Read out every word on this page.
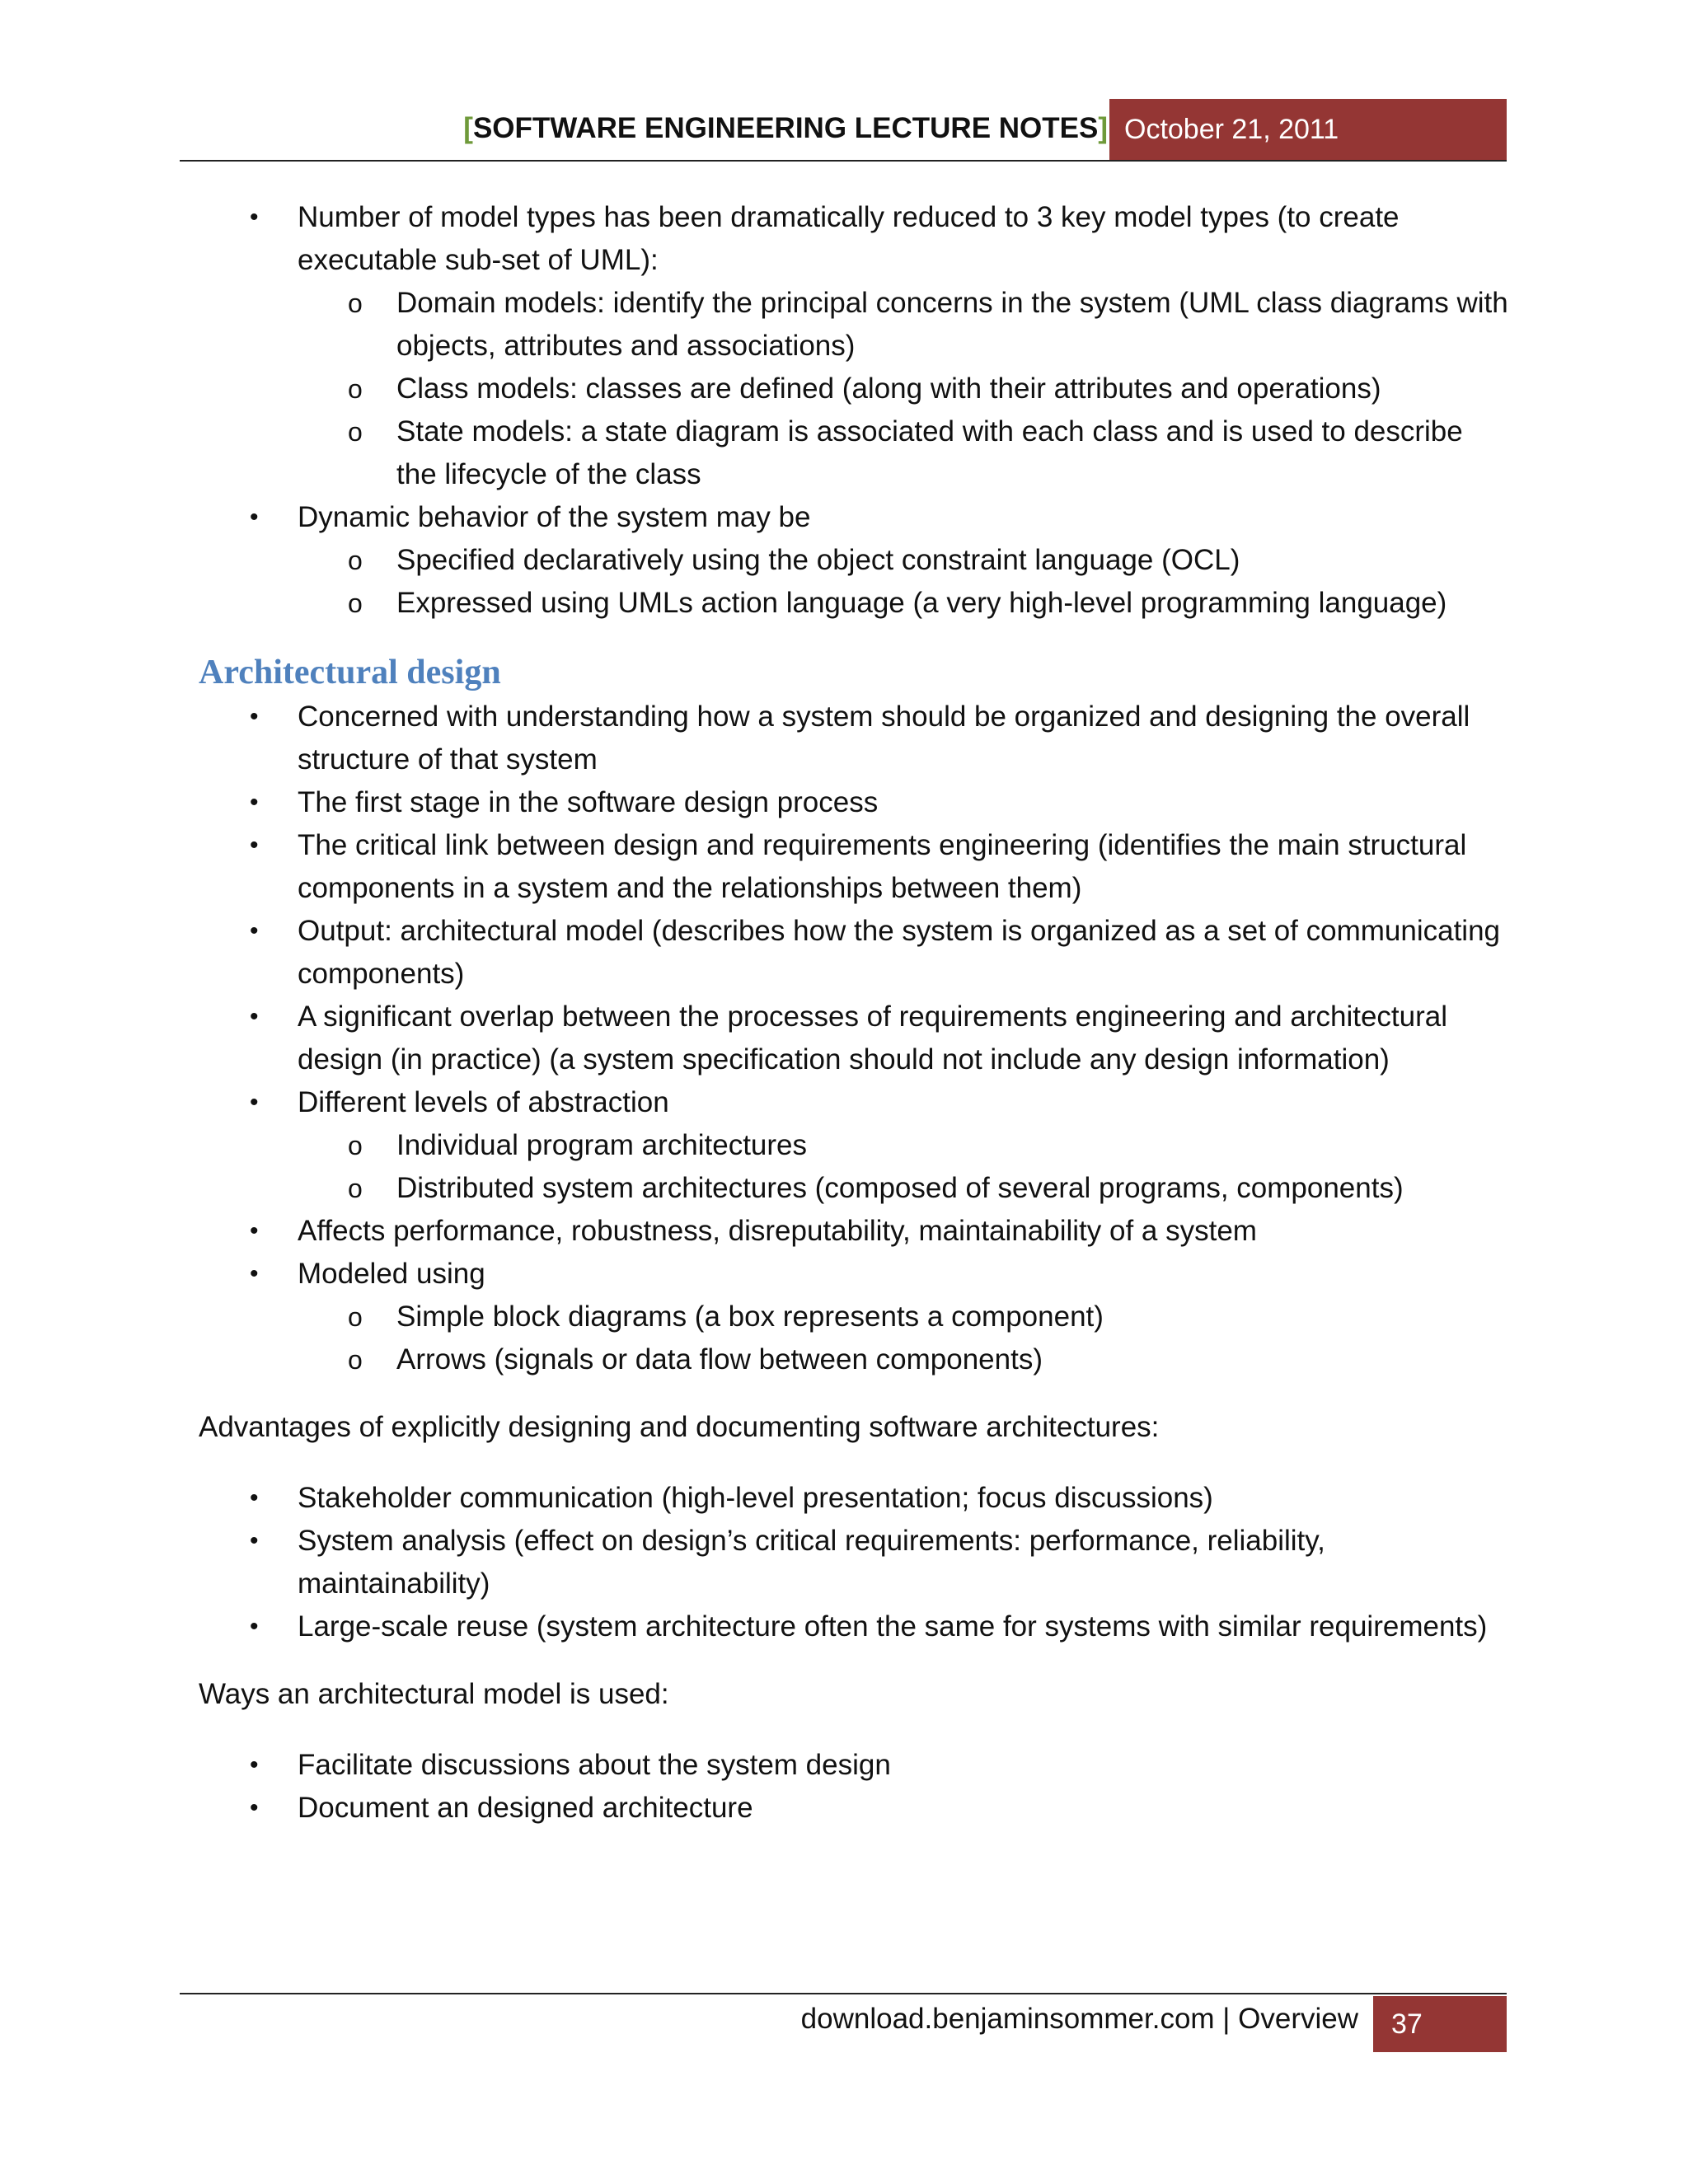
[SOFTWARE ENGINEERING LECTURE NOTES] October 21, 2011
• Number of model types has been dramatically reduced to 3 key model types (to create executable sub-set of UML):
o Domain models: identify the principal concerns in the system (UML class diagrams with objects, attributes and associations)
o Class models: classes are defined (along with their attributes and operations)
o State models: a state diagram is associated with each class and is used to describe the lifecycle of the class
• Dynamic behavior of the system may be
o Specified declaratively using the object constraint language (OCL)
o Expressed using UMLs action language (a very high-level programming language)
Architectural design
• Concerned with understanding how a system should be organized and designing the overall structure of that system
• The first stage in the software design process
• The critical link between design and requirements engineering (identifies the main structural components in a system and the relationships between them)
• Output: architectural model (describes how the system is organized as a set of communicating components)
• A significant overlap between the processes of requirements engineering and architectural design (in practice) (a system specification should not include any design information)
• Different levels of abstraction
o Individual program architectures
o Distributed system architectures (composed of several programs, components)
• Affects performance, robustness, disreputability, maintainability of a system
• Modeled using
o Simple block diagrams (a box represents a component)
o Arrows (signals or data flow between components)

Advantages of explicitly designing and documenting software architectures:

• Stakeholder communication (high-level presentation; focus discussions)
• System analysis (effect on design’s critical requirements: performance, reliability, maintainability)
• Large-scale reuse (system architecture often the same for systems with similar requirements)

Ways an architectural model is used:

• Facilitate discussions about the system design
• Document an designed architecture
download.benjaminsommer.com | Overview	37
